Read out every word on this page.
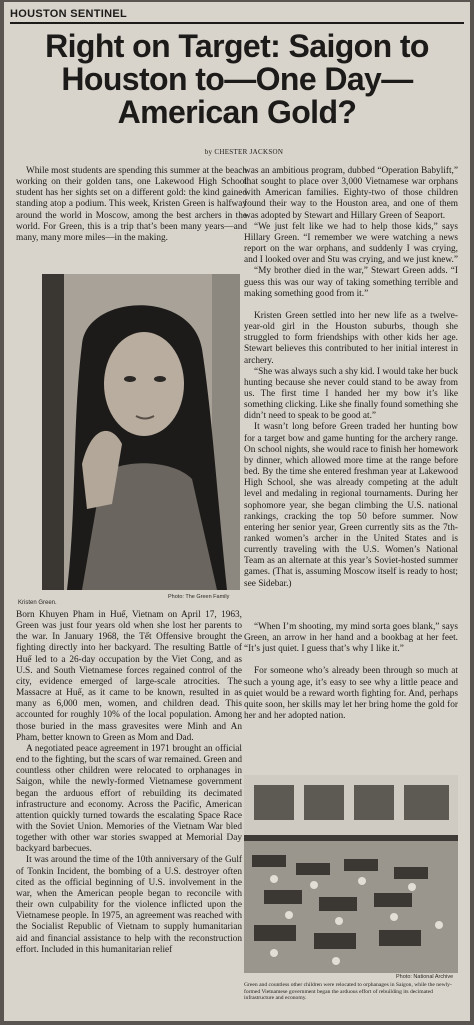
HOUSTON SENTINEL
Right on Target: Saigon to Houston to—One Day—American Gold?
by CHESTER JACKSON

While most students are spending this summer at the beach working on their golden tans, one Lakewood High School student has her sights set on a different gold: the kind gained standing atop a podium. This week, Kristen Green is halfway around the world in Moscow, among the best archers in the world. For Green, this is a trip that’s been many years—and many, many more miles—in the making.

Photo: The Green Family
Kristen Green.

was an ambitious program, dubbed “Operation Babylift,” that sought to place over 3,000 Vietnamese war orphans with American families. Eighty-two of those children found their way to the Houston area, and one of them was adopted by Stewart and Hillary Green of Seaport.

“We just felt like we had to help those kids,” says Hillary Green. “I remember we were watching a news report on the war orphans, and suddenly I was crying, and I looked over and Stu was crying, and we just knew.”

“My brother died in the war,” Stewart Green adds. “I guess this was our way of taking something terrible and making something good from it.”

Kristen Green settled into her new life as a twelve-year-old girl in the Houston suburbs, though she struggled to form friendships with other kids her age. Stewart believes this contributed to her initial interest in archery.

“She was always such a shy kid. I would take her buck hunting because she never could stand to be away from us. The first time I handed her my bow it’s like something clicking. Like she finally found something she didn’t need to speak to be good at.”

It wasn’t long before Green traded her hunting bow for a target bow and game hunting for the archery range. On school nights, she would race to finish her homework by dinner, which allowed more time at the range before bed. By the time she entered freshman year at Lakewood High School, she was already competing at the adult level and medaling in regional tournaments. During her sophomore year, she began climbing the U.S. national rankings, cracking the top 50 before summer. Now entering her senior year, Green currently sits as the 7th-ranked women’s archer in the United States and is currently traveling with the U.S. Women’s National Team as an alternate at this year’s Soviet-hosted summer games. (That is, assuming Moscow itself is ready to host; see Sidebar.)

Born Khuyen Pham in Huế, Vietnam on April 17, 1963, Green was just four years old when she lost her parents to the war. In January 1968, the Tết Offensive brought the fighting directly into her backyard. The resulting Battle of Huế led to a 26-day occupation by the Viet Cong, and as U.S. and South Vietnamese forces regained control of the city, evidence emerged of large-scale atrocities. The Massacre at Huế, as it came to be known, resulted in as many as 6,000 men, women, and children dead. This accounted for roughly 10% of the local population. Among those buried in the mass gravesites were Minh and An Pham, better known to Green as Mom and Dad.

A negotiated peace agreement in 1971 brought an official end to the fighting, but the scars of war remained. Green and countless other children were relocated to orphanages in Saigon, while the newly-formed Vietnamese government began the arduous effort of rebuilding its decimated infrastructure and economy. Across the Pacific, American attention quickly turned towards the escalating Space Race with the Soviet Union. Memories of the Vietnam War bled together with other war stories swapped at Memorial Day backyard barbecues.

It was around the time of the 10th anniversary of the Gulf of Tonkin Incident, the bombing of a U.S. destroyer often cited as the official beginning of U.S. involvement in the war, when the American people began to reconcile with their own culpability for the violence inflicted upon the Vietnamese people. In 1975, an agreement was reached with the Socialist Republic of Vietnam to supply humanitarian aid and financial assistance to help with the reconstruction effort. Included in this humanitarian relief

“When I’m shooting, my mind sorta goes blank,” says Green, an arrow in her hand and a bookbag at her feet. “It’s just quiet. I guess that’s why I like it.”

For someone who’s already been through so much at such a young age, it’s easy to see why a little peace and quiet would be a reward worth fighting for. And, perhaps quite soon, her skills may let her bring home the gold for her and her adopted nation.

Photo: National Archive
Green and countless other children were relocated to orphanages in Saigon, while the newly-formed Vietnamese government began the arduous effort of rebuilding its decimated infrastructure and economy.
